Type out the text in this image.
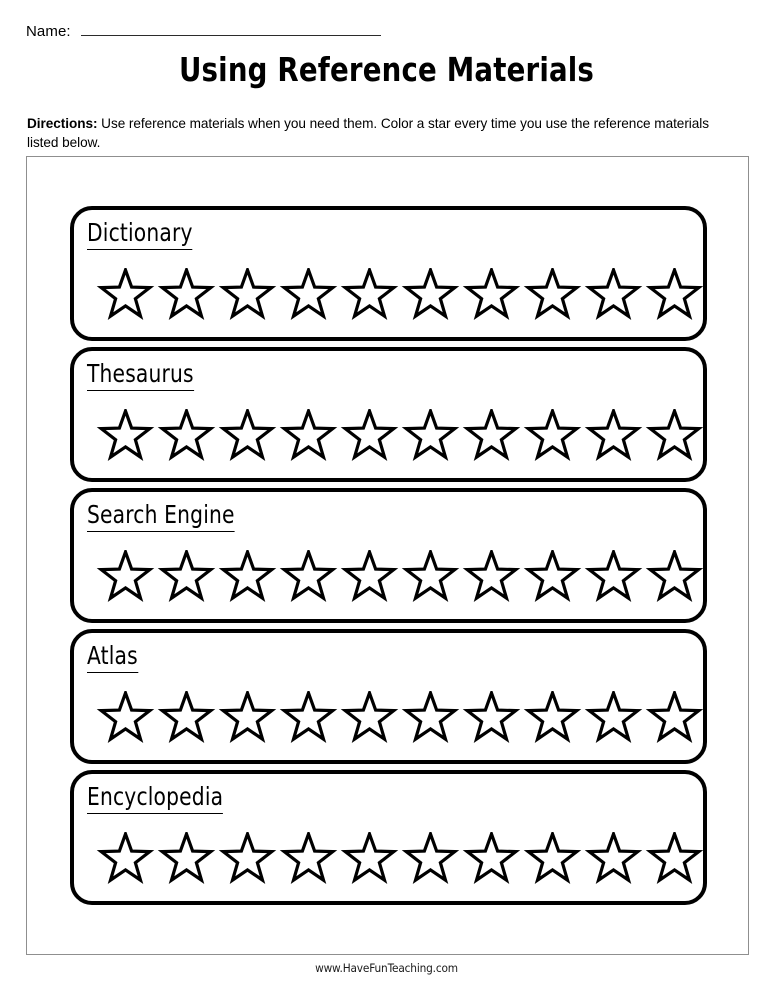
Name:
Using Reference Materials
Directions: Use reference materials when you need them. Color a star every time you use the reference materials listed below.
Dictionary
Thesaurus
Search Engine
Atlas
Encyclopedia
www.HaveFunTeaching.com
